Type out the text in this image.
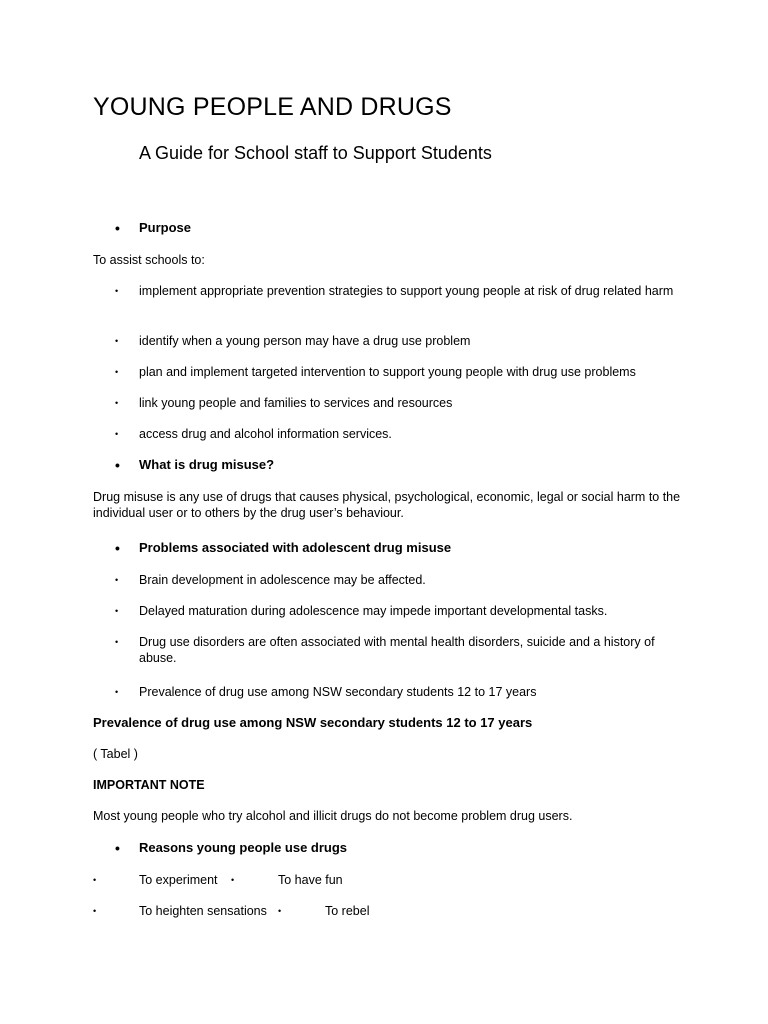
YOUNG PEOPLE AND DRUGS
A Guide for School staff to Support Students
• Purpose
To assist schools to:
• implement appropriate prevention strategies to support young people at risk of drug related harm
• identify when a young person may have a drug use problem
• plan and implement targeted intervention to support young people with drug use problems
• link young people and families to services and resources
• access drug and alcohol information services.
• What is drug misuse?
Drug misuse is any use of drugs that causes physical, psychological, economic, legal or social harm to the individual user or to others by the drug user’s behaviour.
• Problems associated with adolescent drug misuse
• Brain development in adolescence may be affected.
• Delayed maturation during adolescence may impede important developmental tasks.
• Drug use disorders are often associated with mental health disorders, suicide and a history of abuse.
• Prevalence of drug use among NSW secondary students 12 to 17 years
Prevalence of drug use among NSW secondary students 12 to 17 years
( Tabel )
IMPORTANT NOTE
Most young people who try alcohol and illicit drugs do not become problem drug users.
• Reasons young people use drugs
•	To experiment •	To have fun
•	To heighten sensations •	To rebel
